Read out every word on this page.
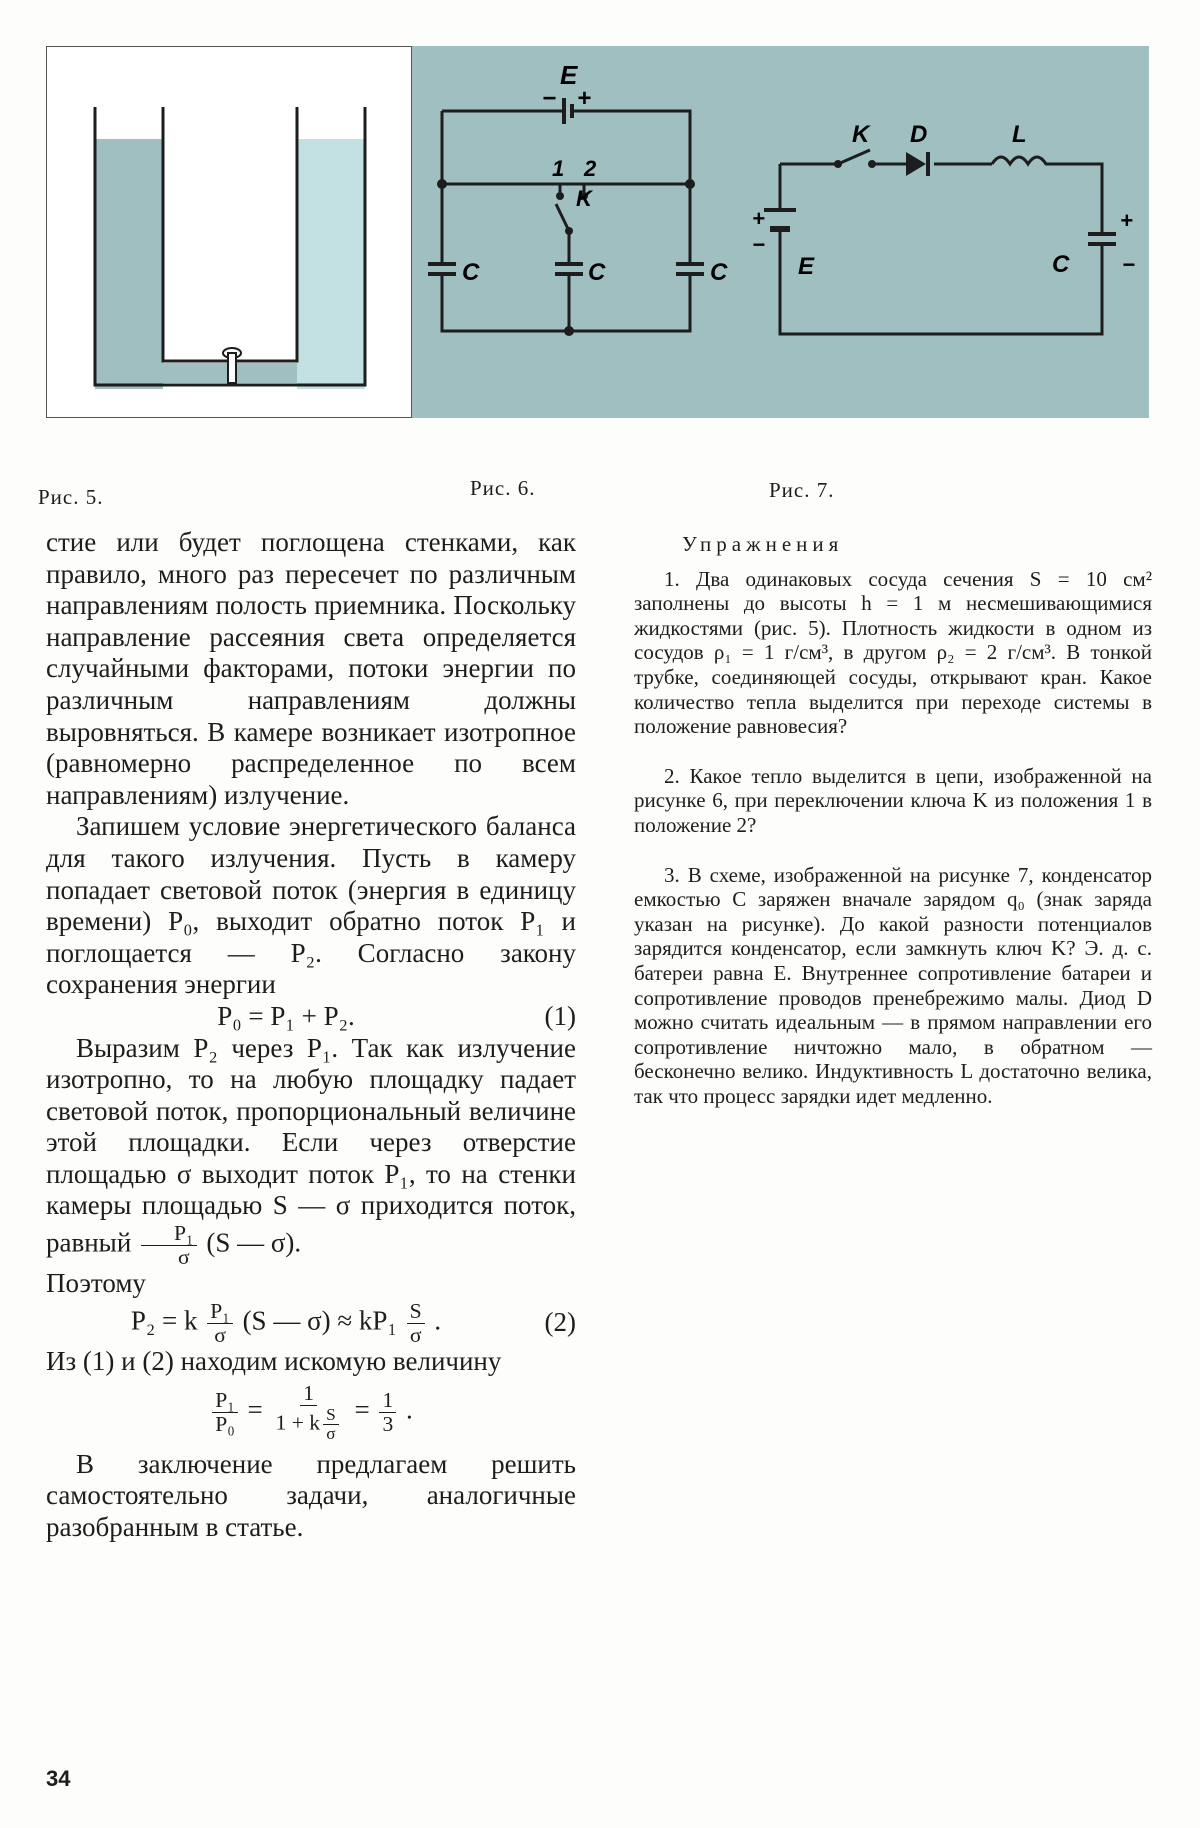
E
− +
1 2
K
C	C	C
K D	L
E	C
+
−
+
−
Рис. 5.	Рис. 6.	Рис. 7.

стие или будет поглощена стенками, как правило, много раз пересечет по различным направлениям полость приемника. Поскольку направление рассеяния света определяется случайными факторами, потоки энергии по различным направлениям должны выровняться. В камере возникает изотропное (равномерно распределенное по всем направлениям) излучение.

Запишем условие энергетического баланса для такого излучения. Пусть в камеру попадает световой поток (энергия в единицу времени) P₀, выходит обратно поток P₁ и поглощается — P₂. Согласно закону сохранения энергии

P₀ = P₁ + P₂.	(1)

Выразим P₂ через P₁. Так как излучение изотропно, то на любую площадку падает световой поток, пропорциональный величине этой площадки. Если через отверстие площадью σ выходит поток P₁, то на стенки камеры площадью S — σ приходится поток, равный $\frac{\text{P₁}}{\sigma} (S$ — σ).

Поэтому

P₂ = k $\frac{\text{P₁}}{\sigma} (S$ — $\sigma) \approx kP_1 \frac{S}{\sigma}$ .	(2)

Из (1) и (2) находим искомую величину

$\frac{\text{P₁}}{\text{P₀}} = \frac{1}{1 + k \frac{S}{\sigma}} = \frac{1}{3}$ .

В заключение предлагаем решить самостоятельно задачи, аналогичные разобранным в статье.

Упражнения

1. Два одинаковых сосуда сечения S = 10 см² заполнены до высоты h = 1 м несмешивающимися жидкостями (рис. 5). Плотность жидкости в одном из сосудов ρ₁ = 1 г/см³, в другом ρ₂ = 2 г/см³. В тонкой трубке, соединяющей сосуды, открывают кран. Какое количество тепла выделится при переходе системы в положение равновесия?

2. Какое тепло выделится в цепи, изображенной на рисунке 6, при переключении ключа K из положения 1 в положение 2?

3. В схеме, изображенной на рисунке 7, конденсатор емкостью C заряжен вначале зарядом q₀ (знак заряда указан на рисунке). До какой разности потенциалов зарядится конденсатор, если замкнуть ключ K? Э. д. с. батереи равна E. Внутреннее сопротивление батареи и сопротивление проводов пренебрежимо малы. Диод D можно считать идеальным — в прямом направлении его сопротивление ничтожно мало, в обратном — бесконечно велико. Индуктивность L достаточно велика, так что процесс зарядки идет медленно.

34
